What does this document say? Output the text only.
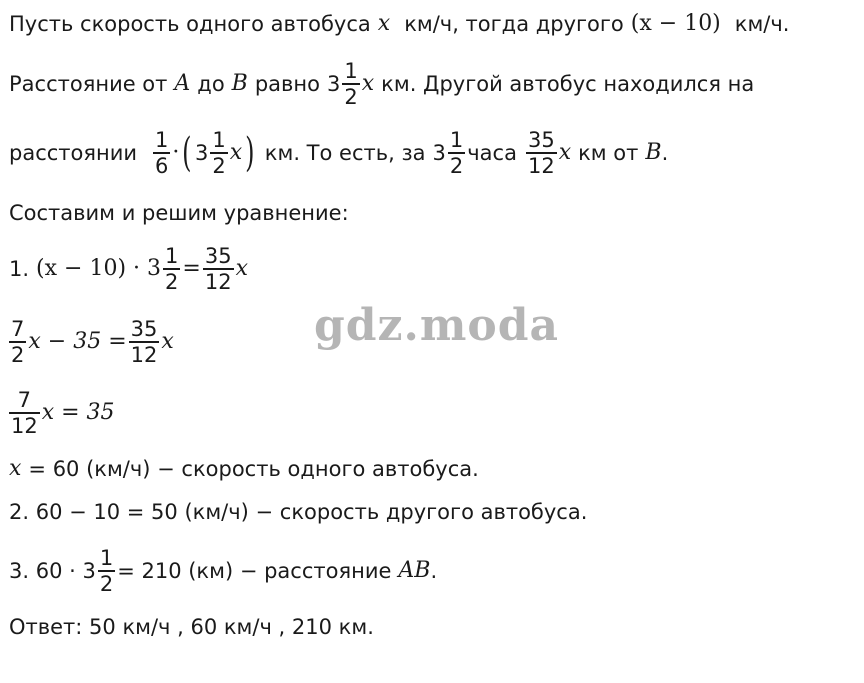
gdz.moda
Пусть скорость одного автобуса x км/ч , тогда другого (x − 10) км/ч.
Расстояние от A до B равно $3 \frac{1}{2}$ x км. Другой автобус находился на
расстоянии $\frac{1}{6}$ · ( $3 \frac{1}{2}$ x ) км. То есть, за $3 \frac{1}{2}$ часа $\frac{35}{12}$ x км от B .
Составим и решим уравнение:
1. $(x - 10) \cdot 3 \frac{1}{2} = \frac{35}{12}$ x
$\frac{7}{2}$ $x - 35 = \frac{35}{12}$ x
$\frac{7}{12}$ x = 35
x = 60 (км/ч) − скорость одного автобуса.
2. 60 − 10 = 50 (км/ч) − скорость другого автобуса.
3. $60 \cdot 3 \frac{1}{2} = 210$ (км) − расстояние AB .
Ответ: 50 км/ч , 60 км/ч , 210 км.
